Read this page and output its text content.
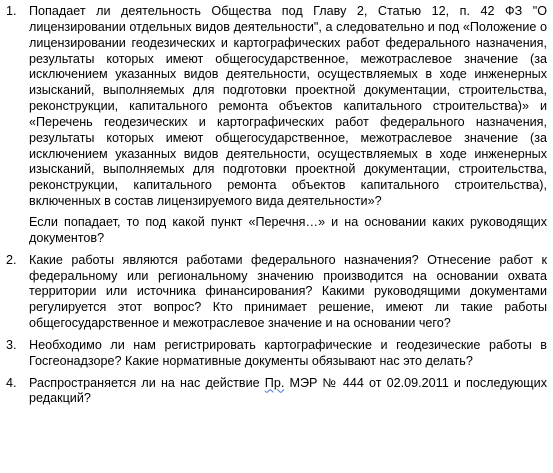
1. Попадает ли деятельность Общества под Главу 2, Статью 12, п. 42 ФЗ "О лицензировании отдельных видов деятельности", а следовательно и под «Положение о лицензировании геодезических и картографических работ федерального назначения, результаты которых имеют общегосударственное, межотраслевое значение (за исключением указанных видов деятельности, осуществляемых в ходе инженерных изысканий, выполняемых для подготовки проектной документации, строительства, реконструкции, капитального ремонта объектов капитального строительства)» и «Перечень геодезических и картографических работ федерального назначения, результаты которых имеют общегосударственное, межотраслевое значение (за исключением указанных видов деятельности, осуществляемых в ходе инженерных изысканий, выполняемых для подготовки проектной документации, строительства, реконструкции, капитального ремонта объектов капитального строительства), включенных в состав лицензируемого вида деятельности»?

Если попадает, то под какой пункт «Перечня…» и на основании каких руководящих документов?

2. Какие работы являются работами федерального назначения? Отнесение работ к федеральному или региональному значению производится на основании охвата территории или источника финансирования? Какими руководящими документами регулируется этот вопрос? Кто принимает решение, имеют ли такие работы общегосударственное и межотраслевое значение и на основании чего?

3. Необходимо ли нам регистрировать картографические и геодезические работы в Госгеонадзоре? Какие нормативные документы обязывают нас это делать?

4. Распространяется ли на нас действие Пр. МЭР № 444 от 02.09.2011 и последующих редакций?
